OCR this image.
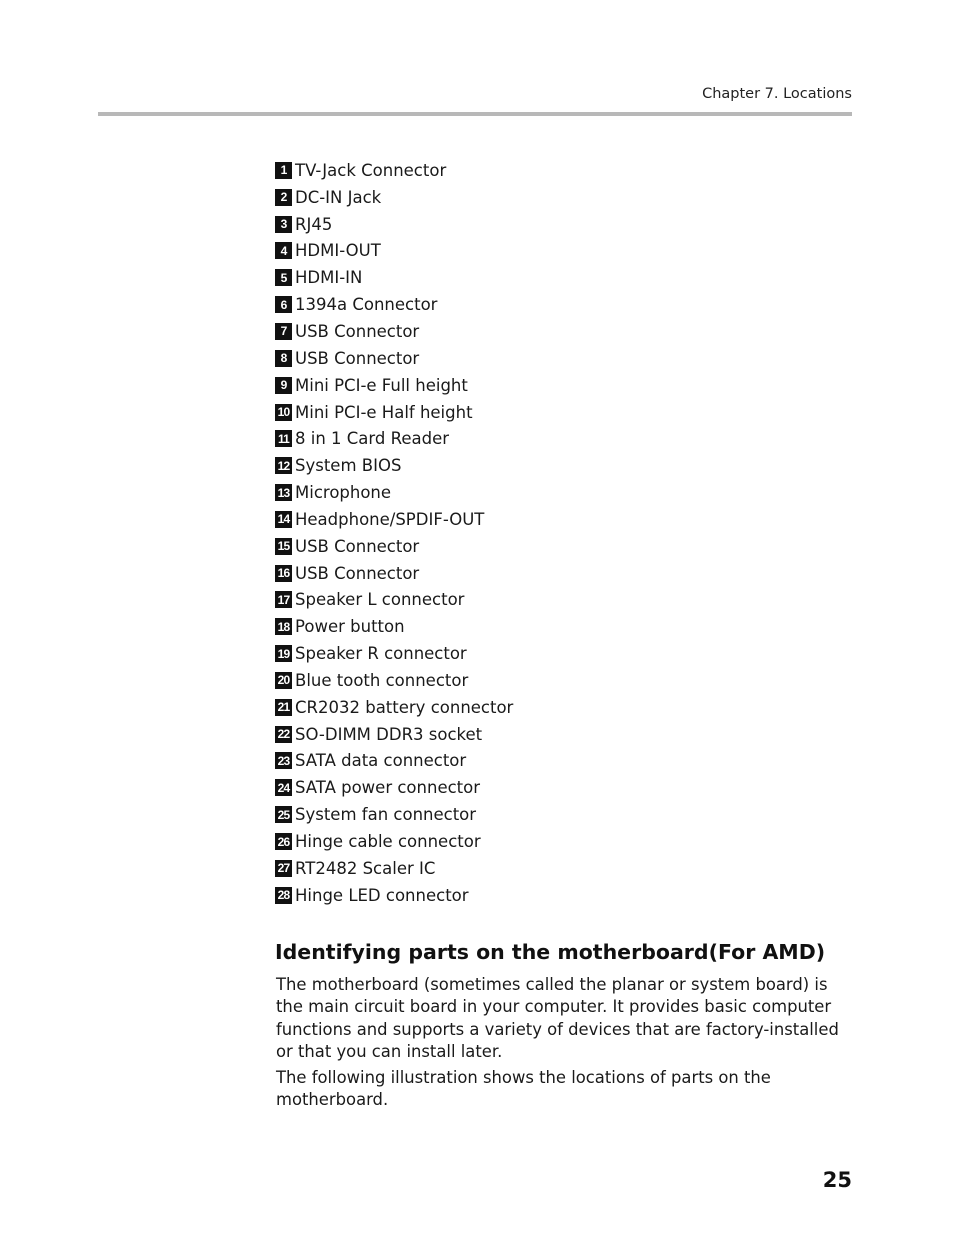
Chapter 7. Locations
1 TV-Jack Connector
2 DC-IN Jack
3 RJ45
4 HDMI-OUT
5 HDMI-IN
6 1394a Connector
7 USB Connector
8 USB Connector
9 Mini PCI-e Full height
10 Mini PCI-e Half height
11 8 in 1 Card Reader
12 System BIOS
13 Microphone
14 Headphone/SPDIF-OUT
15 USB Connector
16 USB Connector
17 Speaker L connector
18 Power button
19 Speaker R connector
20 Blue tooth connector
21 CR2032 battery connector
22 SO-DIMM DDR3 socket
23 SATA data connector
24 SATA power connector
25 System fan connector
26 Hinge cable connector
27 RT2482 Scaler IC
28 Hinge LED connector
Identifying parts on the motherboard(For AMD)

The motherboard (sometimes called the planar or system board) is the main circuit board in your computer. It provides basic computer functions and supports a variety of devices that are factory-installed or that you can install later.

The following illustration shows the locations of parts on the motherboard.

25
